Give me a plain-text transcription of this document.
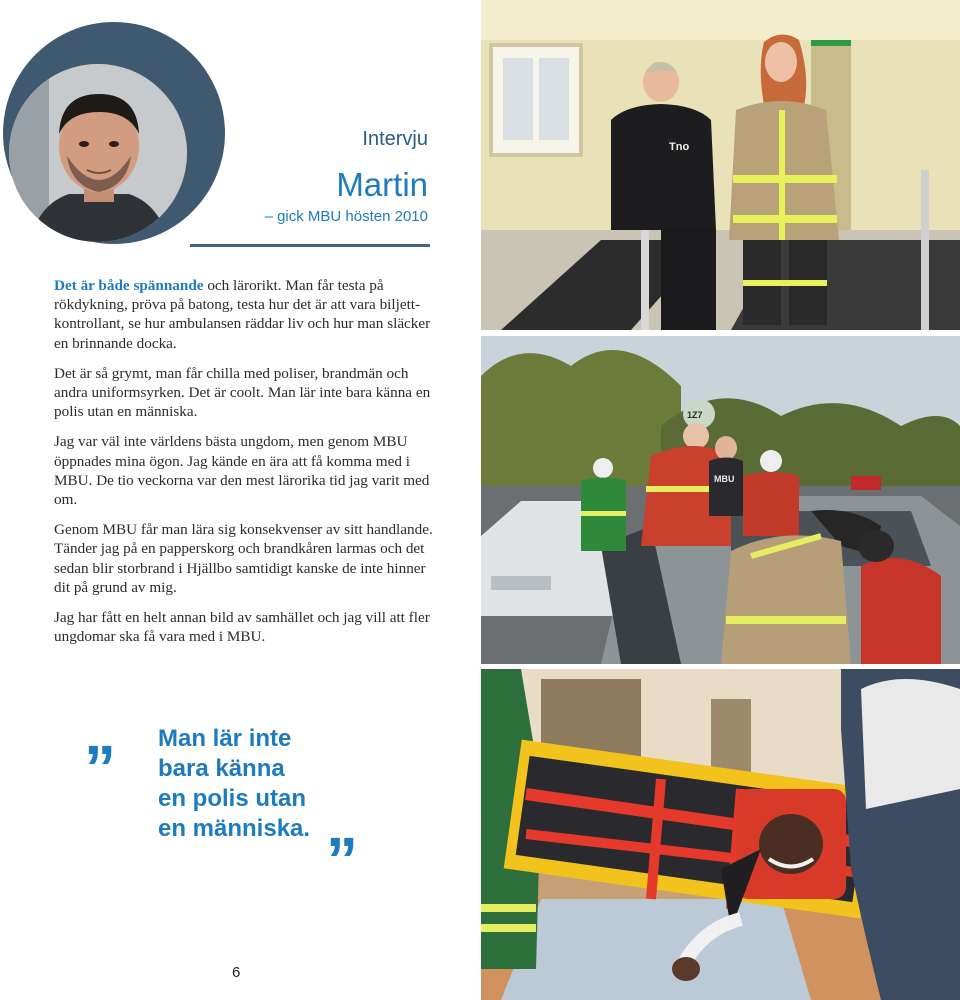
Intervju
Martin
– gick MBU hösten 2010

Det är både spännande och lärorikt. Man får testa på rökdykning, pröva på batong, testa hur det är att vara biljettkontrollant, se hur ambulansen räddar liv och hur man släcker en brinnande docka.

Det är så grymt, man får chilla med poliser, brandmän och andra uniformsyrken. Det är coolt. Man lär inte bara känna en polis utan en människa.

Jag var väl inte världens bästa ungdom, men genom MBU öppnades mina ögon. Jag kände en ära att få komma med i MBU. De tio veckorna var den mest lärorika tid jag varit med om.

Genom MBU får man lära sig konsekvenser av sitt handlande. Tänder jag på en papperskorg och brandkåren larmas och det sedan blir storbrand i Hjällbo samtidigt kanske de inte hinner dit på grund av mig.

Jag har fått en helt annan bild av samhället och jag vill att fler ungdomar ska få vara med i MBU.

„ Man lär inte
bara känna
en polis utan
en människa. „
6
Tno
1Z7
MBU
